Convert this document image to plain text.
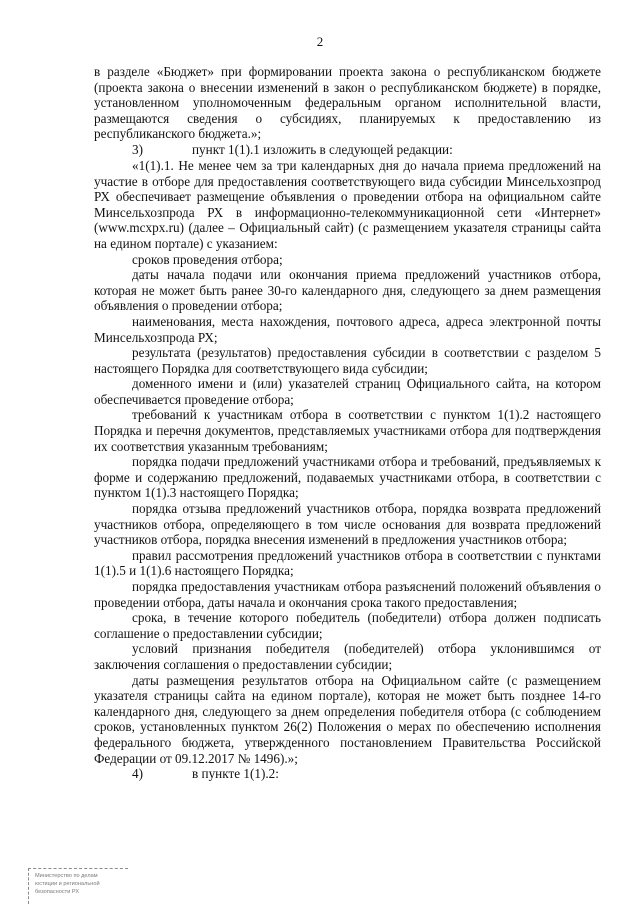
2

в разделе «Бюджет» при формировании проекта закона о республиканском бюджете (проекта закона о внесении изменений в закон о республиканском бюджете) в порядке, установленном уполномоченным федеральным органом исполнительной власти, размещаются сведения о субсидиях, планируемых к предоставлению из республиканского бюджета.»;

3)	пункт 1(1).1 изложить в следующей редакции:

«1(1).1. Не менее чем за три календарных дня до начала приема предложений на участие в отборе для предоставления соответствующего вида субсидии Минсельхозпрод РХ обеспечивает размещение объявления о проведении отбора на официальном сайте Минсельхозпрода РХ в информационно-телекоммуникационной сети «Интернет» (www.mcxpx.ru) (далее – Официальный сайт) (с размещением указателя страницы сайта на едином портале) с указанием:

сроков проведения отбора;

даты начала подачи или окончания приема предложений участников отбора, которая не может быть ранее 30-го календарного дня, следующего за днем размещения объявления о проведении отбора;

наименования, места нахождения, почтового адреса, адреса электронной почты Минсельхозпрода РХ;

результата (результатов) предоставления субсидии в соответствии с разделом 5 настоящего Порядка для соответствующего вида субсидии;

доменного имени и (или) указателей страниц Официального сайта, на котором обеспечивается проведение отбора;

требований к участникам отбора в соответствии с пунктом 1(1).2 настоящего Порядка и перечня документов, представляемых участниками отбора для подтверждения их соответствия указанным требованиям;

порядка подачи предложений участниками отбора и требований, предъявляемых к форме и содержанию предложений, подаваемых участниками отбора, в соответствии с пунктом 1(1).3 настоящего Порядка;

порядка отзыва предложений участников отбора, порядка возврата предложений участников отбора, определяющего в том числе основания для возврата предложений участников отбора, порядка внесения изменений в предложения участников отбора;

правил рассмотрения предложений участников отбора в соответствии с пунктами 1(1).5 и 1(1).6 настоящего Порядка;

порядка предоставления участникам отбора разъяснений положений объявления о проведении отбора, даты начала и окончания срока такого предоставления;

срока, в течение которого победитель (победители) отбора должен подписать соглашение о предоставлении субсидии;

условий признания победителя (победителей) отбора уклонившимся от заключения соглашения о предоставлении субсидии;

даты размещения результатов отбора на Официальном сайте (с размещением указателя страницы сайта на едином портале), которая не может быть позднее 14-го календарного дня, следующего за днем определения победителя отбора (с соблюдением сроков, установленных пунктом 26(2) Положения о мерах по обеспечению исполнения федерального бюджета, утвержденного постановлением Правительства Российской Федерации от 09.12.2017 № 1496).»;

4)	в пункте 1(1).2:
Министерство по делам
юстиции и региональной
безопасности РХ
